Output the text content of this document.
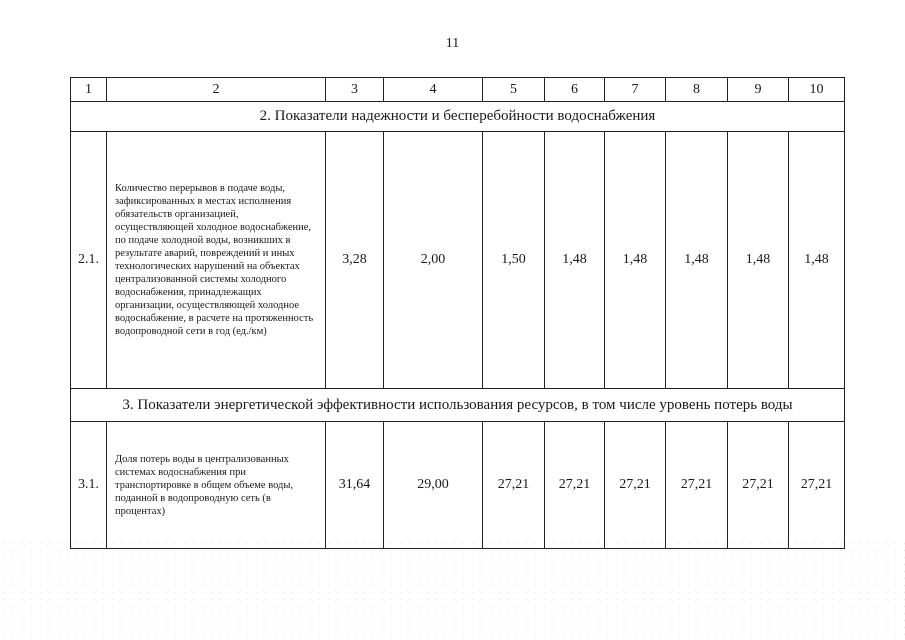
11
1	2	3	4	5	6	7	8	9	10
2. Показатели надежности и бесперебойности водоснабжения									
2.1.	Количество перерывов в подаче воды, зафиксированных в местах исполнения обязательств организацией, осуществляющей холодное водоснабжение, по подаче холодной воды, возникших в результате аварий, повреждений и иных технологических нарушений на объектах централизованной системы холодного водоснабжения, принадлежащих организации, осуществляющей холодное водоснабжение, в расчете на протяженность водопроводной сети в год (ед./км)	3,28	2,00	1,50	1,48	1,48	1,48	1,48	1,48
3. Показатели энергетической эффективности использования ресурсов, в том числе уровень потерь воды									
3.1.	Доля потерь воды в централизованных системах водоснабжения при транспортировке в общем объеме воды, поданной в водопроводную сеть (в процентах)	31,64	29,00	27,21	27,21	27,21	27,21	27,21	27,21
